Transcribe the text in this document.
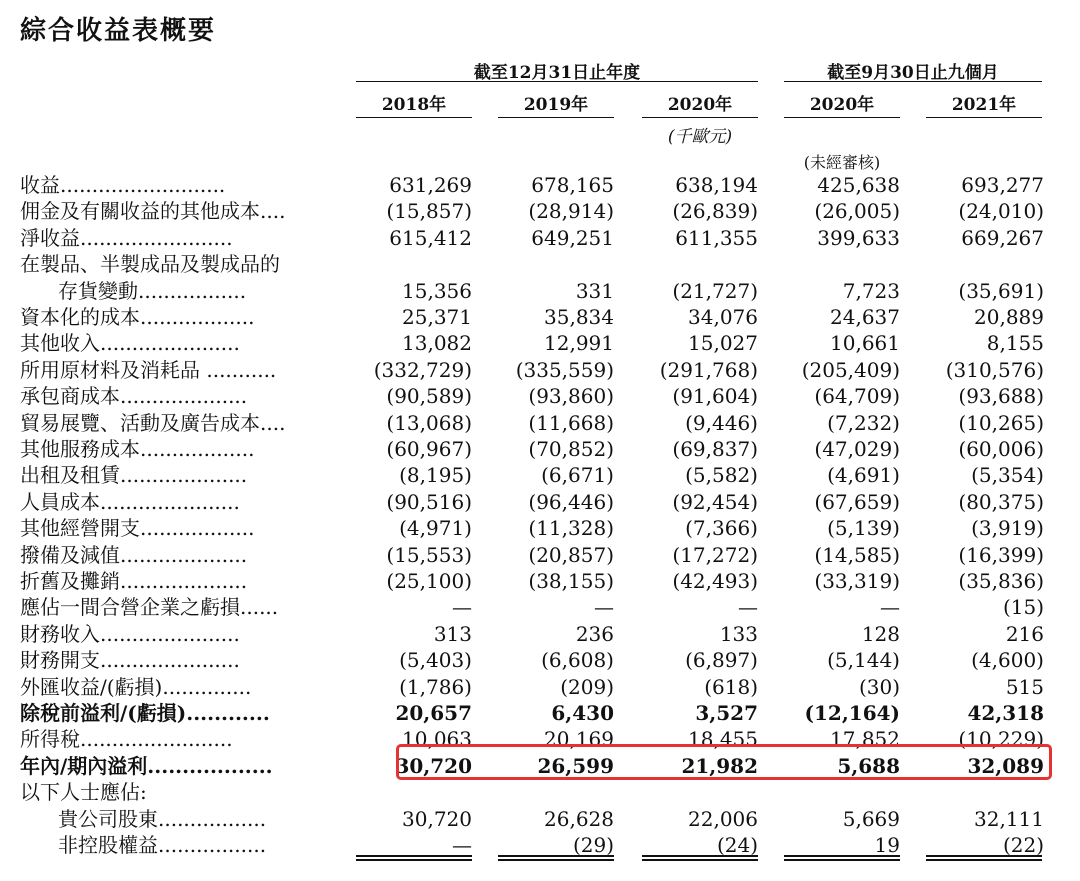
綜合收益表概要
截至12月31日止年度	截至9月30日止九個月
2018年	2019年	2020年	2020年	2021年
(千歐元)
(未經審核)
收益..........................	631,269	678,165	638,194	425,638	693,277
佣金及有關收益的其他成本....	(15,857)	(28,914)	(26,839)	(26,005)	(24,010)
淨收益........................	615,412	649,251	611,355	399,633	669,267
在製品、半製成品及製成品的
存貨變動.................	15,356	331	(21,727)	7,723	(35,691)
資本化的成本..................	25,371	35,834	34,076	24,637	20,889
其他收入......................	13,082	12,991	15,027	10,661	8,155
所用原材料及消耗品 ...........	(332,729)	(335,559)	(291,768)	(205,409)	(310,576)
承包商成本....................	(90,589)	(93,860)	(91,604)	(64,709)	(93,688)
貿易展覽、活動及廣告成本....	(13,068)	(11,668)	(9,446)	(7,232)	(10,265)
其他服務成本..................	(60,967)	(70,852)	(69,837)	(47,029)	(60,006)
出租及租賃....................	(8,195)	(6,671)	(5,582)	(4,691)	(5,354)
人員成本......................	(90,516)	(96,446)	(92,454)	(67,659)	(80,375)
其他經營開支..................	(4,971)	(11,328)	(7,366)	(5,139)	(3,919)
撥備及減值....................	(15,553)	(20,857)	(17,272)	(14,585)	(16,399)
折舊及攤銷....................	(25,100)	(38,155)	(42,493)	(33,319)	(35,836)
應佔一間合營企業之虧損......	—	—	—	—	(15)
財務收入......................	313	236	133	128	216
財務開支......................	(5,403)	(6,608)	(6,897)	(5,144)	(4,600)
外匯收益/(虧損)..............	(1,786)	(209)	(618)	(30)	515
除稅前溢利/(虧損)............	20,657	6,430	3,527	(12,164)	42,318
所得稅........................	10,063	20,169	18,455	17,852	(10,229)
年內/期內溢利..................	30,720	26,599	21,982	5,688	32,089
以下人士應佔:
貴公司股東.................	30,720	26,628	22,006	5,669	32,111
非控股權益.................	—	(29)	(24)	19	(22)
